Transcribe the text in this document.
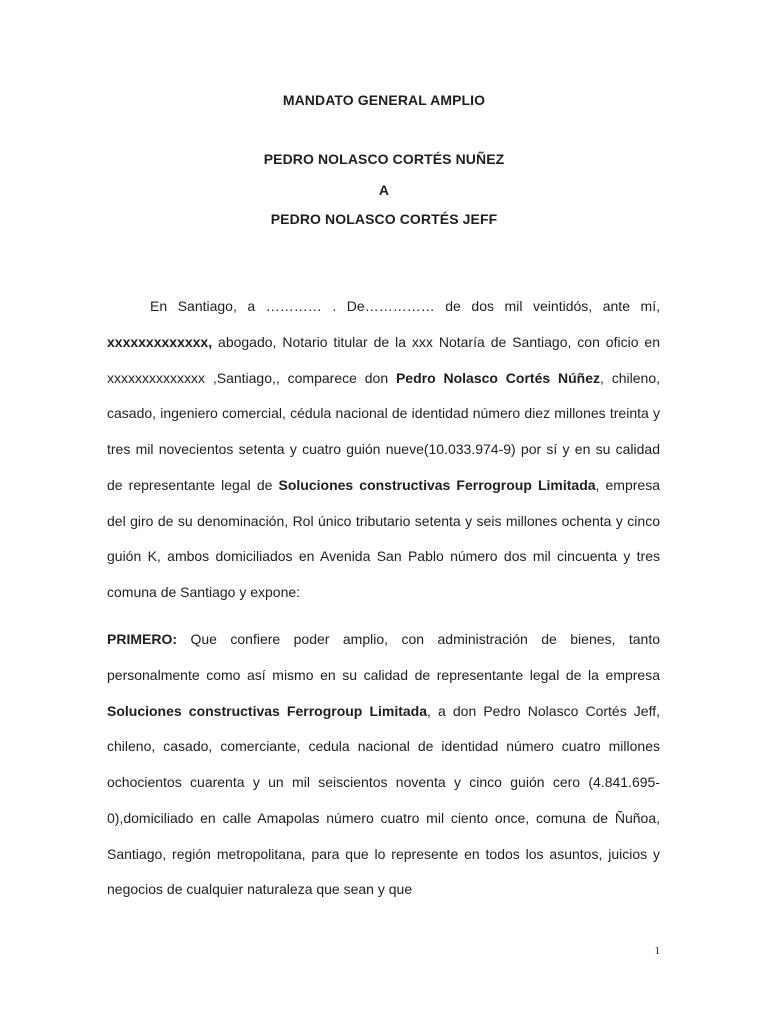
MANDATO GENERAL AMPLIO
PEDRO NOLASCO CORTÉS NUÑEZ
A
PEDRO NOLASCO CORTÉS JEFF
En Santiago, a ………… . De…………… de dos mil veintidós, ante mí, xxxxxxxxxxxxx, abogado, Notario titular de la xxx Notaría de Santiago, con oficio en xxxxxxxxxxxxxx ,Santiago,, comparece don Pedro Nolasco Cortés Núñez, chileno, casado, ingeniero comercial, cédula nacional de identidad número diez millones treinta y tres mil novecientos setenta y cuatro guión nueve(10.033.974-9) por sí y en su calidad de representante legal de Soluciones constructivas Ferrogroup Limitada, empresa del giro de su denominación, Rol único tributario setenta y seis millones ochenta y cinco guión K, ambos domiciliados en Avenida San Pablo número dos mil cincuenta y tres comuna de Santiago y expone:
PRIMERO: Que confiere poder amplio, con administración de bienes, tanto personalmente como así mismo en su calidad de representante legal de la empresa Soluciones constructivas Ferrogroup Limitada, a don Pedro Nolasco Cortés Jeff, chileno, casado, comerciante, cedula nacional de identidad número cuatro millones ochocientos cuarenta y un mil seiscientos noventa y cinco guión cero (4.841.695-0),domiciliado en calle Amapolas número cuatro mil ciento once, comuna de Ñuñoa, Santiago, región metropolitana, para que lo represente en todos los asuntos, juicios y negocios de cualquier naturaleza que sean y que
1
